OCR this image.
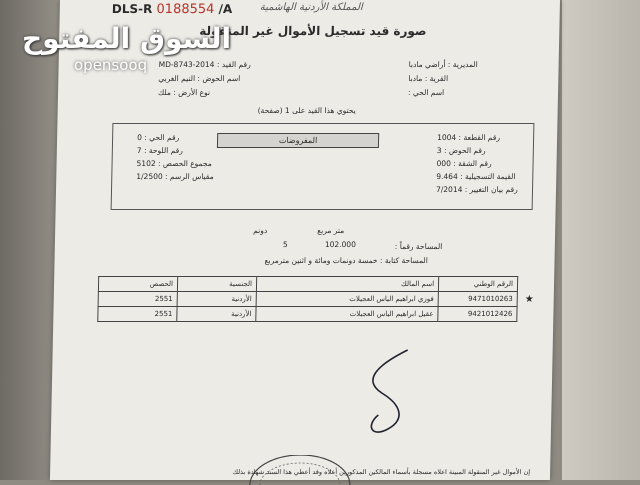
DLS-R 0188554 /A	المملكة الأردنية الهاشمية
صورة قيد تسجيل الأموال غير المنقولة
رقم القيد : 2014-MD-8743
اسم الحوض : النيم الغربي
نوع الأرض : ملك
المديرية : أراضي مادبا
القرية : مادبا
اسم الحي :
يحتوي هذا القيد على 1 (صفحة)
المفروضات
رقم الحي : 0
رقم اللوحة : 7
مجموع الحصص : 5102
مقياس الرسم : 1/2500
رقم القطعة : 1004
رقم الحوض : 3
رقم الشقة : 000
القيمة التسجيلية : 9.464
رقم بيان التغيير : 7/2014
دونم	متر مربع
5	102.000	المساحة رقماً :
المساحة كتابة : خمسة دونمات ومائة و اثنين مترمربع
	الرقم الوطني	اسم المالك	الجنسية	الحصص
★	9471010263	فوزي ابراهيم الياس العجيلات	الأردنية	2551
	9421012426	عقيل ابراهيم الياس العجيلات	الأردنية	2551
إن الأموال غير المنقولة المبينة اعلاه مسجلة بأسماء المالكين المذكورين أعلاه وقد أعطي هذا السند شهادة بذلك
السوق المفتوح
opensooq
